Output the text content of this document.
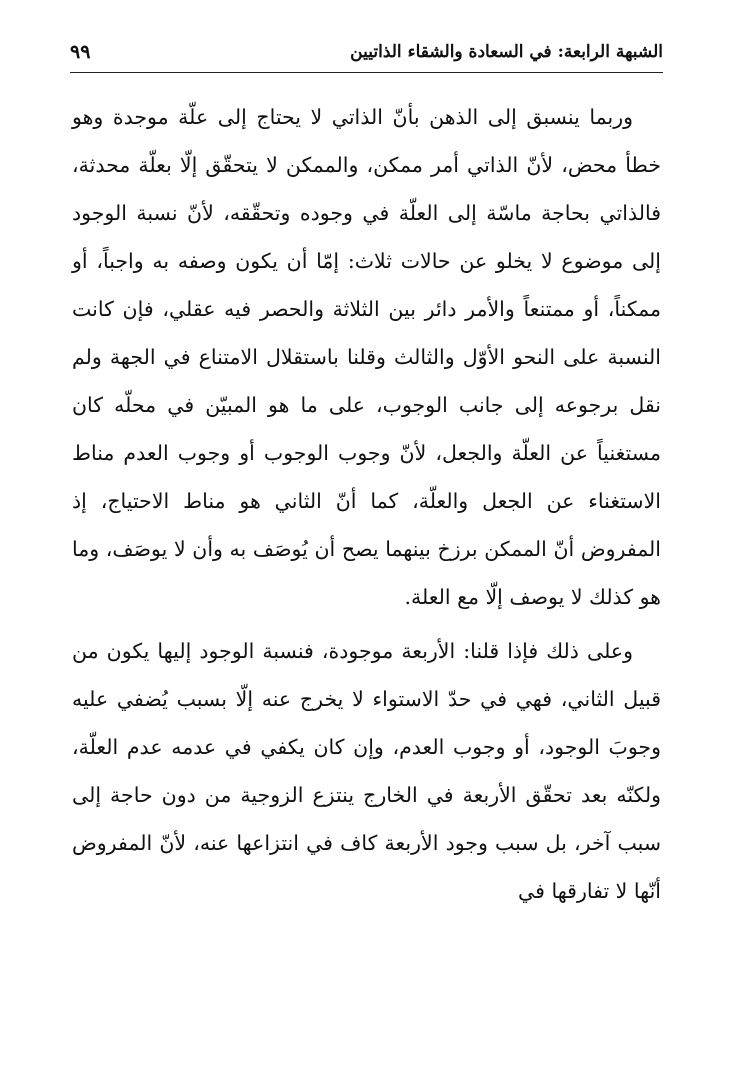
الشبهة الرابعة: في السعادة والشقاء الذاتيين
٩٩

وربما ينسبق إلى الذهن بأنّ الذاتي لا يحتاج إلى علّة موجدة وهو خطأ محض، لأنّ الذاتي أمر ممكن، والممكن لا يتحقّق إلّا بعلّة محدثة، فالذاتي بحاجة ماسّة إلى العلّة في وجوده وتحقّقه، لأنّ نسبة الوجود إلى موضوع لا يخلو عن حالات ثلاث: إمّا أن يكون وصفه به واجباً، أو ممكناً، أو ممتنعاً والأمر دائر بين الثلاثة والحصر فيه عقلي، فإن كانت النسبة على النحو الأوّل والثالث وقلنا باستقلال الامتناع في الجهة ولم نقل برجوعه إلى جانب الوجوب، على ما هو المبيّن في محلّه كان مستغنياً عن العلّة والجعل، لأنّ وجوب الوجوب أو وجوب العدم مناط الاستغناء عن الجعل والعلّة، كما أنّ الثاني هو مناط الاحتياج، إذ المفروض أنّ الممكن برزخ بينهما يصح أن يُوصَف به وأن لا يوصَف، وما هو كذلك لا يوصف إلّا مع العلة.

وعلى ذلك فإذا قلنا: الأربعة موجودة، فنسبة الوجود إليها يكون من قبيل الثاني، فهي في حدّ الاستواء لا يخرج عنه إلّا بسبب يُضفي عليه وجوبَ الوجود، أو وجوب العدم، وإن كان يكفي في عدمه عدم العلّة، ولكنّه بعد تحقّق الأربعة في الخارج ينتزع الزوجية من دون حاجة إلى سبب آخر، بل سبب وجود الأربعة كاف في انتزاعها عنه، لأنّ المفروض أنّها لا تفارقها في
